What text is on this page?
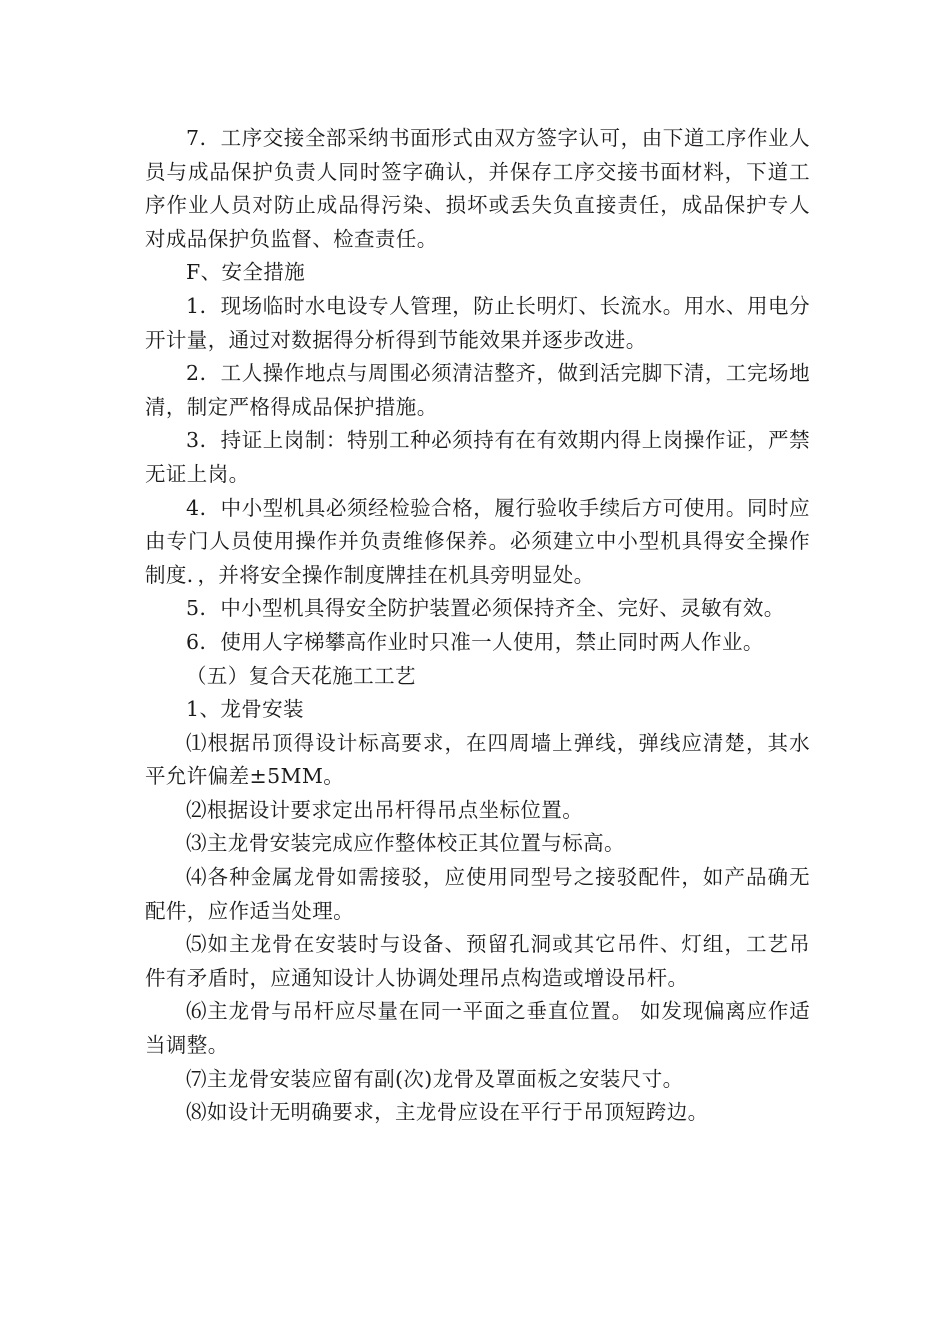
7．工序交接全部采纳书面形式由双方签字认可，由下道工序作业人员与成品保护负责人同时签字确认，并保存工序交接书面材料，下道工序作业人员对防止成品得污染、损坏或丢失负直接责任，成品保护专人对成品保护负监督、检查责任。

F、安全措施

1．现场临时水电设专人管理，防止长明灯、长流水。用水、用电分开计量，通过对数据得分析得到节能效果并逐步改进。

2．工人操作地点与周围必须清洁整齐，做到活完脚下清，工完场地清，制定严格得成品保护措施。

3．持证上岗制：特别工种必须持有在有效期内得上岗操作证，严禁无证上岗。

4．中小型机具必须经检验合格，履行验收手续后方可使用。同时应由专门人员使用操作并负责维修保养。必须建立中小型机具得安全操作制度．，并将安全操作制度牌挂在机具旁明显处。

5．中小型机具得安全防护装置必须保持齐全、完好、灵敏有效。

6．使用人字梯攀高作业时只准一人使用，禁止同时两人作业。

（五）复合天花施工工艺

1、龙骨安装

⑴根据吊顶得设计标高要求，在四周墙上弹线，弹线应清楚，其水平允许偏差±5MM。

⑵根据设计要求定出吊杆得吊点坐标位置。

⑶主龙骨安装完成应作整体校正其位置与标高。

⑷各种金属龙骨如需接驳，应使用同型号之接驳配件，如产品确无配件，应作适当处理。

⑸如主龙骨在安装时与设备、预留孔洞或其它吊件、灯组，工艺吊件有矛盾时，应通知设计人协调处理吊点构造或增设吊杆。

⑹主龙骨与吊杆应尽量在同一平面之垂直位置。 如发现偏离应作适当调整。

⑺主龙骨安装应留有副(次)龙骨及罩面板之安装尺寸。

⑻如设计无明确要求，主龙骨应设在平行于吊顶短跨边。
